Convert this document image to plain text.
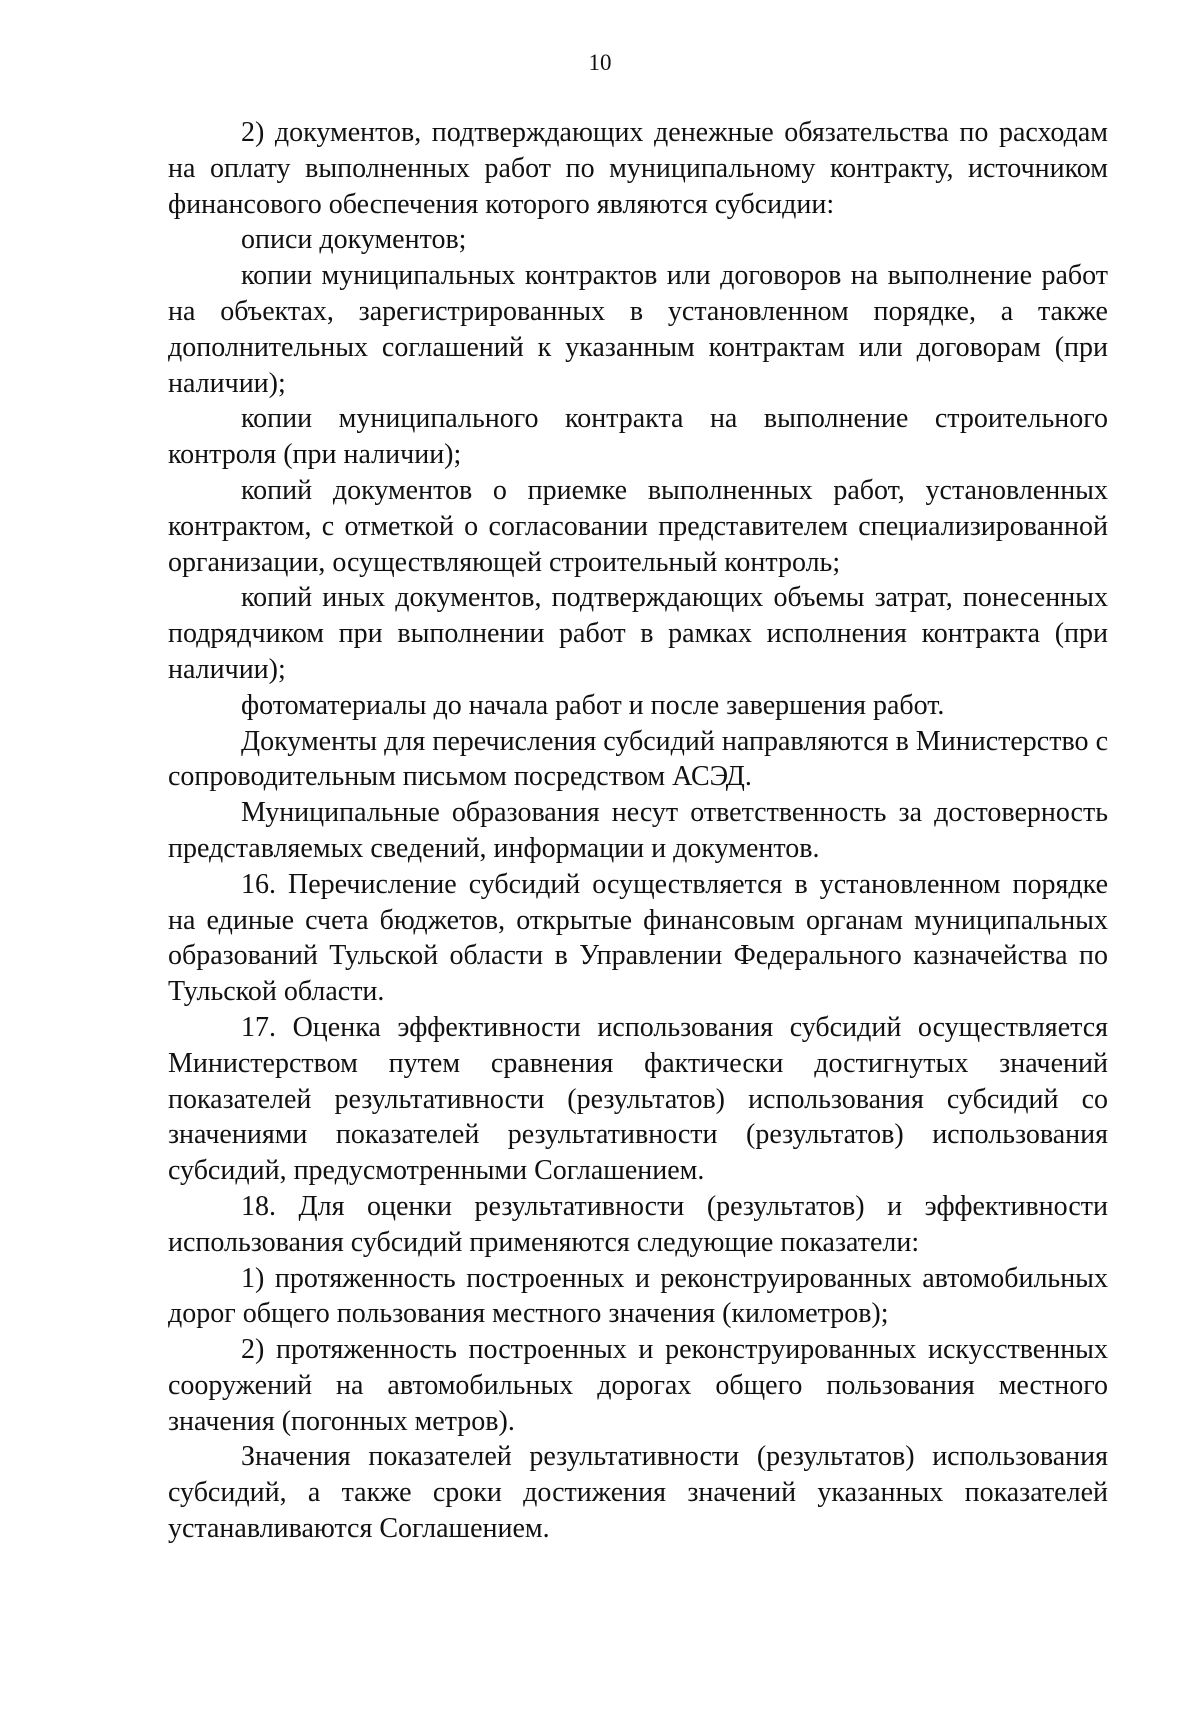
10

2) документов, подтверждающих денежные обязательства по расходам на оплату выполненных работ по муниципальному контракту, источником финансового обеспечения которого являются субсидии:

описи документов;

копии муниципальных контрактов или договоров на выполнение работ на объектах, зарегистрированных в установленном порядке, а также дополнительных соглашений к указанным контрактам или договорам (при наличии);

копии муниципального контракта на выполнение строительного контроля (при наличии);

копий документов о приемке выполненных работ, установленных контрактом, с отметкой о согласовании представителем специализированной организации, осуществляющей строительный контроль;

копий иных документов, подтверждающих объемы затрат, понесенных подрядчиком при выполнении работ в рамках исполнения контракта (при наличии);

фотоматериалы до начала работ и после завершения работ.

Документы для перечисления субсидий направляются в Министерство с сопроводительным письмом посредством АСЭД.

Муниципальные образования несут ответственность за достоверность представляемых сведений, информации и документов.

16. Перечисление субсидий осуществляется в установленном порядке на единые счета бюджетов, открытые финансовым органам муниципальных образований Тульской области в Управлении Федерального казначейства по Тульской области.

17. Оценка эффективности использования субсидий осуществляется Министерством путем сравнения фактически достигнутых значений показателей результативности (результатов) использования субсидий со значениями показателей результативности (результатов) использования субсидий, предусмотренными Соглашением.

18. Для оценки результативности (результатов) и эффективности использования субсидий применяются следующие показатели:

1) протяженность построенных и реконструированных автомобильных дорог общего пользования местного значения (километров);

2) протяженность построенных и реконструированных искусственных сооружений на автомобильных дорогах общего пользования местного значения (погонных метров).

Значения показателей результативности (результатов) использования субсидий, а также сроки достижения значений указанных показателей устанавливаются Соглашением.
